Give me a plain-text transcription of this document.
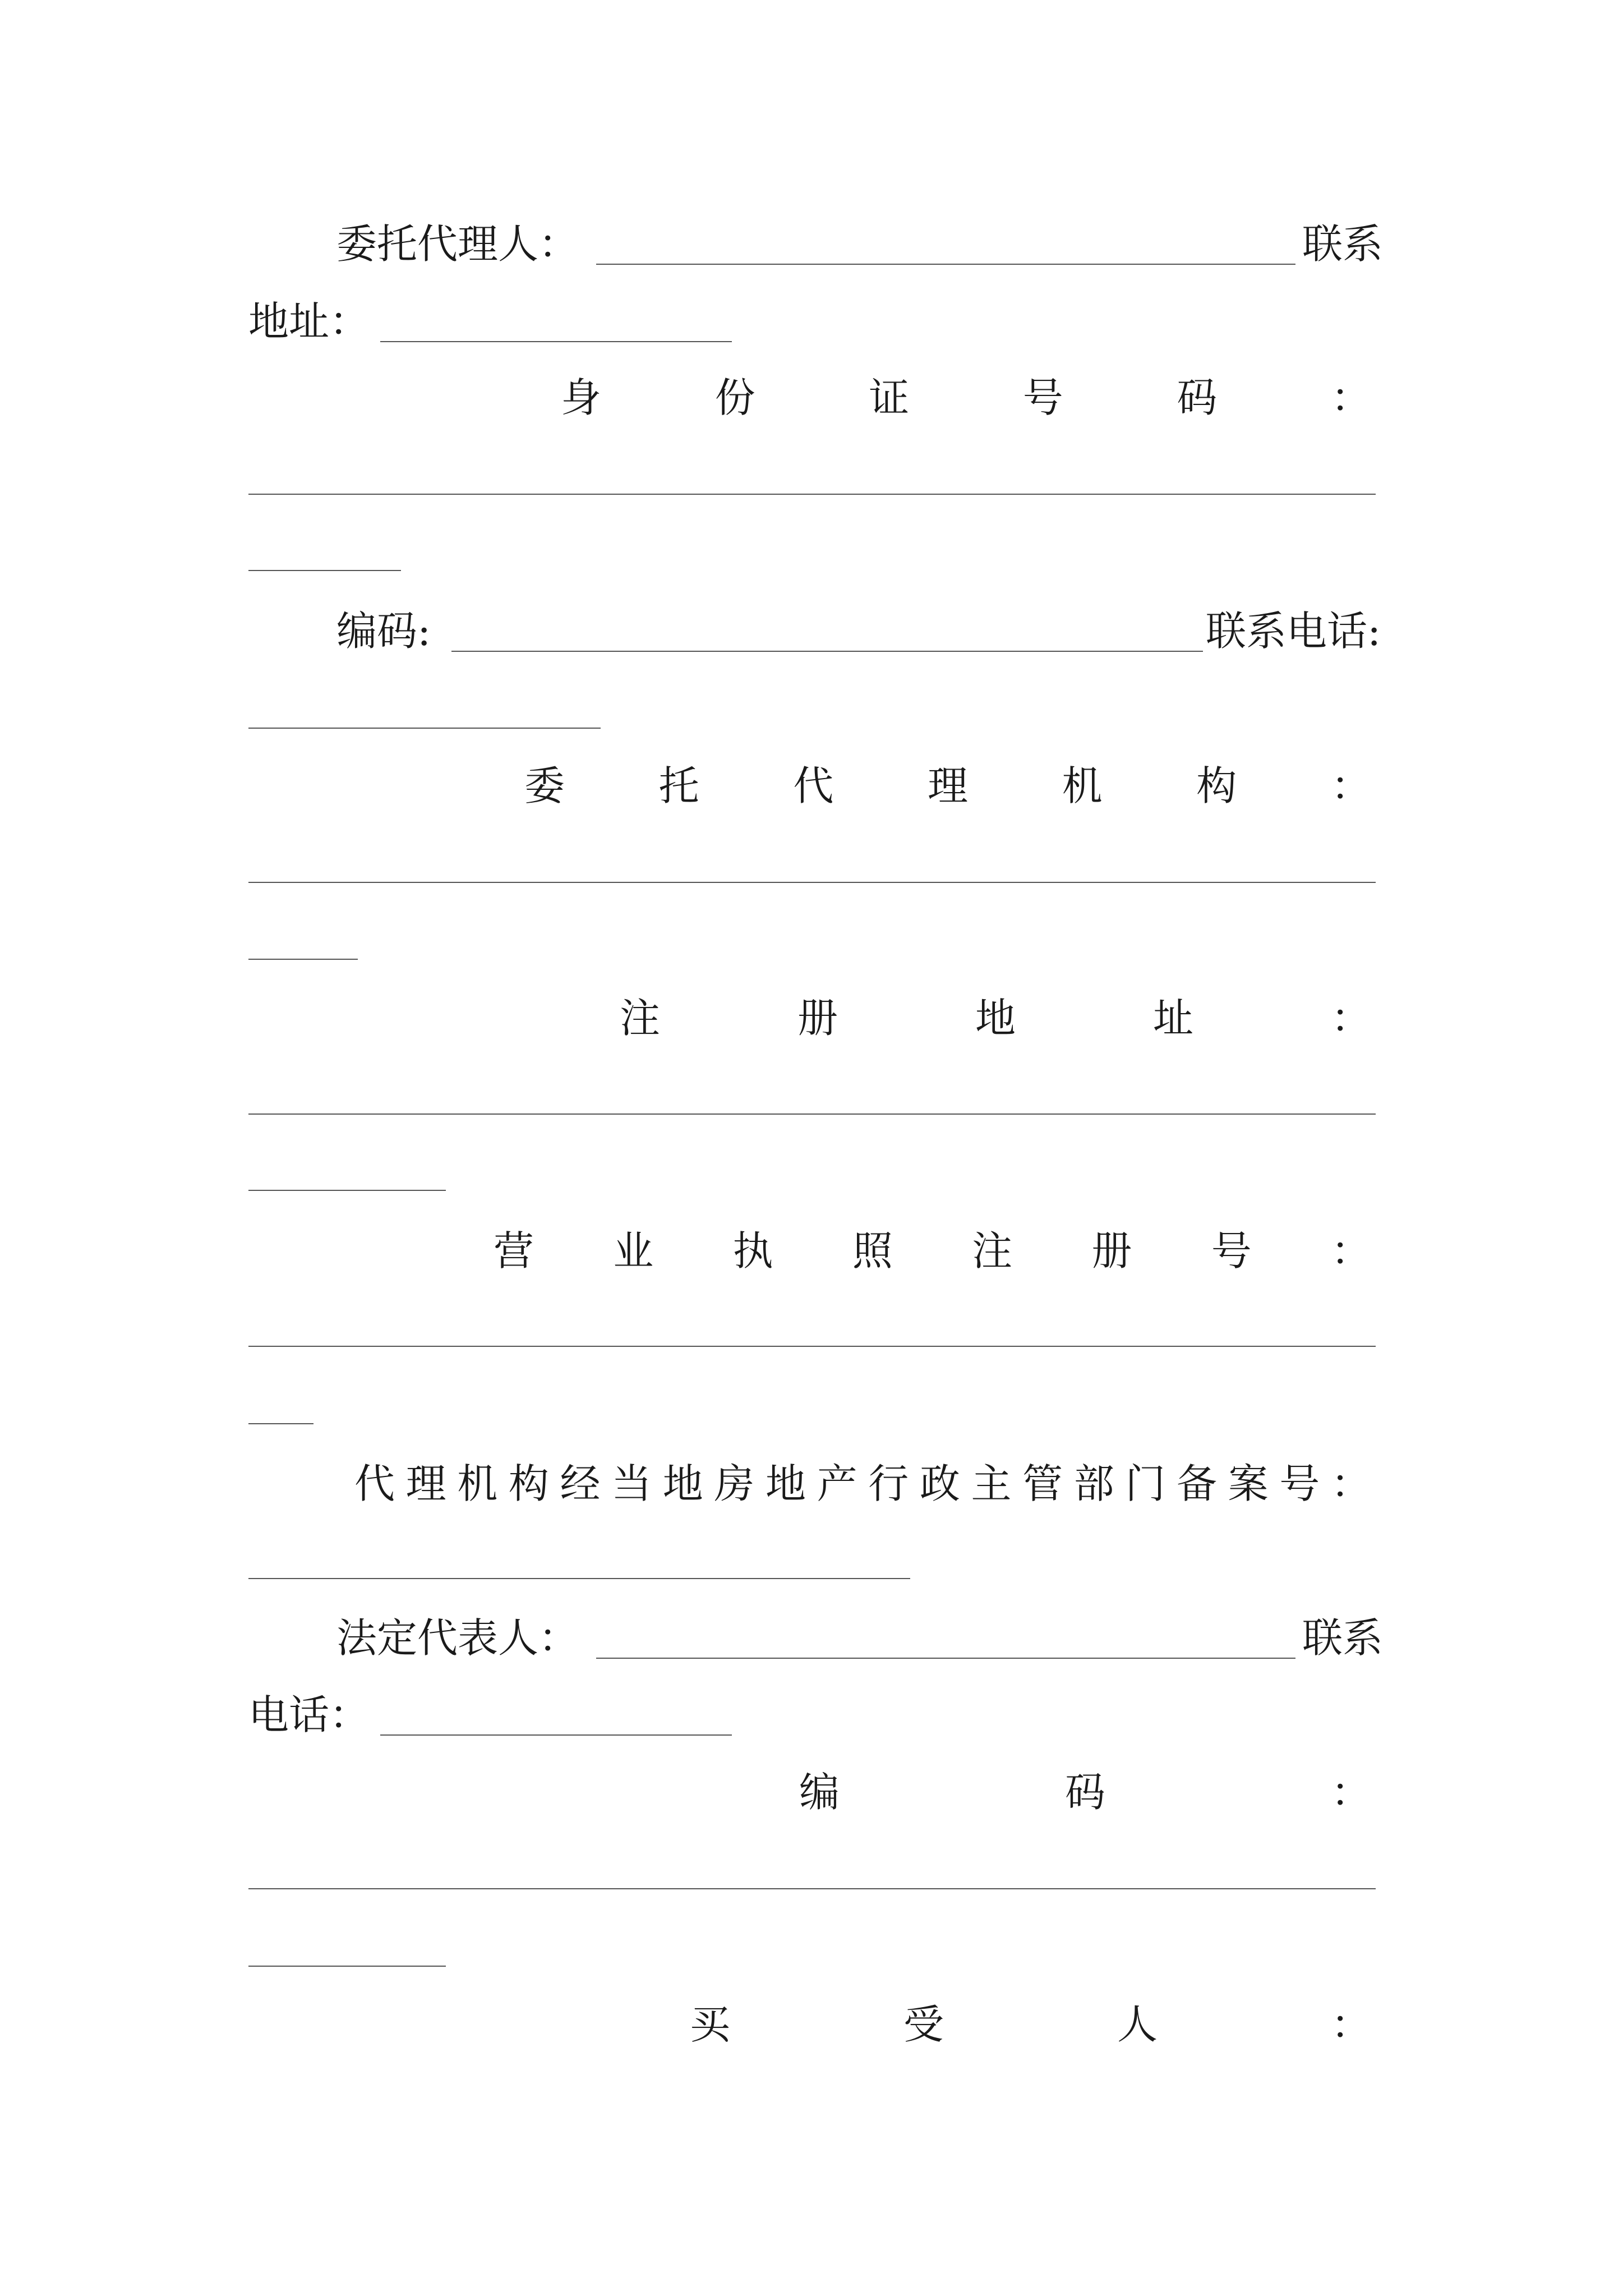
委托代理人：	联系
地址：
身	份	证	号	码	：
编码:	联系电话:
委 托 代 理 机 构 ：
注	册	地	址	：
营 业 执 照 注 册 号 ：
代 理 机 构 经 当 地 房 地 产 行 政 主 管 部 门 备 案 号 ：
法定代表人：	联系
电话：
编	码	：
买	受	人	：
